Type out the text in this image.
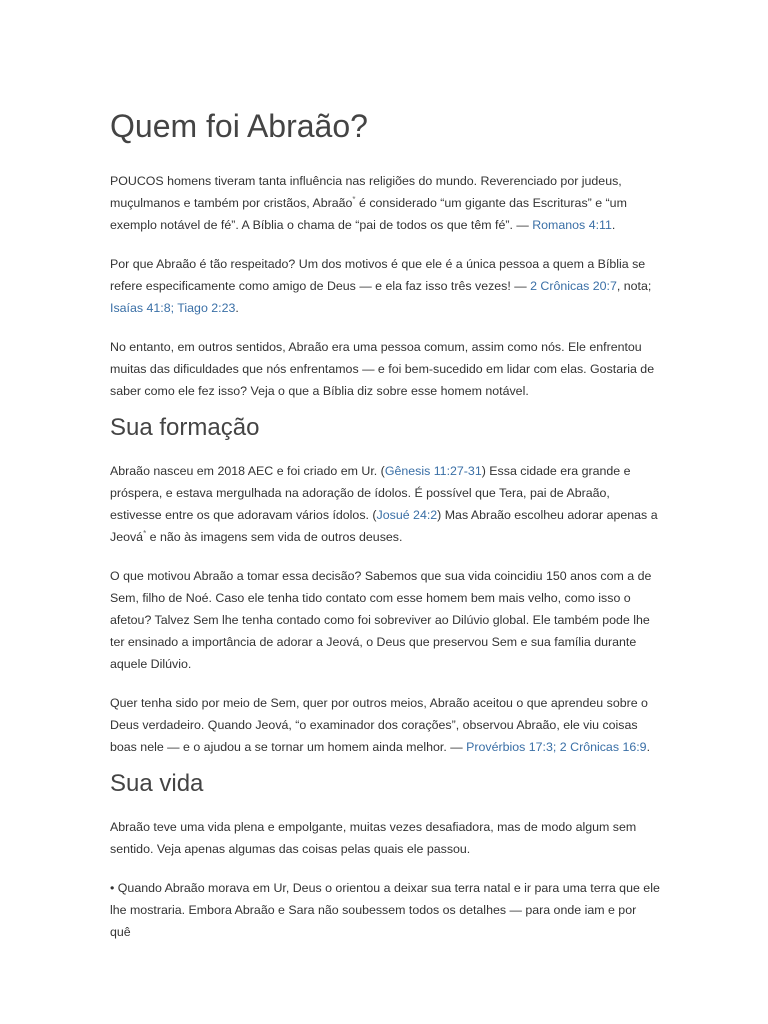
Quem foi Abraão?

POUCOS homens tiveram tanta influência nas religiões do mundo. Reverenciado por judeus, muçulmanos e também por cristãos, Abraão* é considerado “um gigante das Escrituras” e “um exemplo notável de fé”. A Bíblia o chama de “pai de todos os que têm fé”. — Romanos 4:11.

Por que Abraão é tão respeitado? Um dos motivos é que ele é a única pessoa a quem a Bíblia se refere especificamente como amigo de Deus — e ela faz isso três vezes! — 2 Crônicas 20:7, nota; Isaías 41:8; Tiago 2:23.

No entanto, em outros sentidos, Abraão era uma pessoa comum, assim como nós. Ele enfrentou muitas das dificuldades que nós enfrentamos — e foi bem-sucedido em lidar com elas. Gostaria de saber como ele fez isso? Veja o que a Bíblia diz sobre esse homem notável.

Sua formação

Abraão nasceu em 2018 AEC e foi criado em Ur. (Gênesis 11:27-31) Essa cidade era grande e próspera, e estava mergulhada na adoração de ídolos. É possível que Tera, pai de Abraão, estivesse entre os que adoravam vários ídolos. (Josué 24:2) Mas Abraão escolheu adorar apenas a Jeová* e não às imagens sem vida de outros deuses.

O que motivou Abraão a tomar essa decisão? Sabemos que sua vida coincidiu 150 anos com a de Sem, filho de Noé. Caso ele tenha tido contato com esse homem bem mais velho, como isso o afetou? Talvez Sem lhe tenha contado como foi sobreviver ao Dilúvio global. Ele também pode lhe ter ensinado a importância de adorar a Jeová, o Deus que preservou Sem e sua família durante aquele Dilúvio.

Quer tenha sido por meio de Sem, quer por outros meios, Abraão aceitou o que aprendeu sobre o Deus verdadeiro. Quando Jeová, “o examinador dos corações”, observou Abraão, ele viu coisas boas nele — e o ajudou a se tornar um homem ainda melhor. — Provérbios 17:3; 2 Crônicas 16:9.

Sua vida

Abraão teve uma vida plena e empolgante, muitas vezes desafiadora, mas de modo algum sem sentido. Veja apenas algumas das coisas pelas quais ele passou.

• Quando Abraão morava em Ur, Deus o orientou a deixar sua terra natal e ir para uma terra que ele lhe mostraria. Embora Abraão e Sara não soubessem todos os detalhes — para onde iam e por quê
